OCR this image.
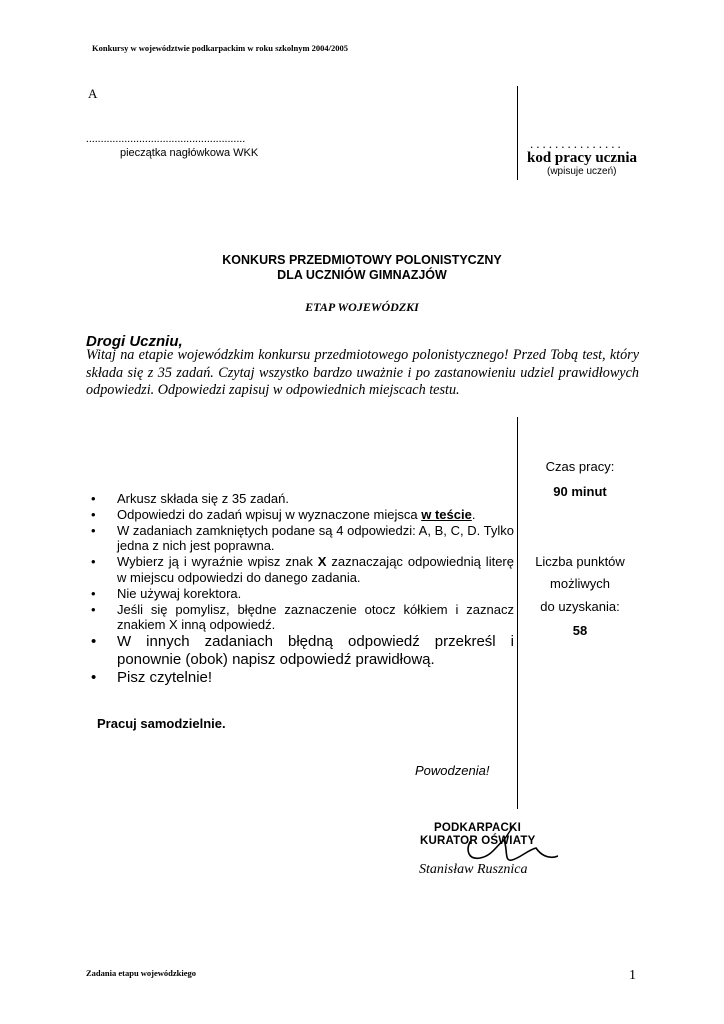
Konkursy w województwie podkarpackim w roku szkolnym 2004/2005
A
......................................................
pieczątka nagłówkowa WKK
...............
kod pracy ucznia
(wpisuje uczeń)
KONKURS PRZEDMIOTOWY POLONISTYCZNY
DLA UCZNIÓW GIMNAZJÓW
ETAP WOJEWÓDZKI
Drogi Uczniu,
Witaj na etapie wojewódzkim konkursu przedmiotowego polonistycznego! Przed Tobą test, który składa się z 35 zadań. Czytaj wszystko bardzo uważnie i po zastanowieniu udziel prawidłowych odpowiedzi. Odpowiedzi zapisuj w odpowiednich miejscach testu.
• Arkusz składa się z 35 zadań.
• Odpowiedzi do zadań wpisuj w wyznaczone miejsca w teście.
• W zadaniach zamkniętych podane są 4 odpowiedzi: A, B, C, D. Tylko jedna z nich jest poprawna.
• Wybierz ją i wyraźnie wpisz znak X zaznaczając odpowiednią literę w miejscu odpowiedzi do danego zadania.
• Nie używaj korektora.
• Jeśli się pomylisz, błędne zaznaczenie otocz kółkiem i zaznacz znakiem X inną odpowiedź.
• W innych zadaniach błędną odpowiedź przekreśl i ponownie (obok) napisz odpowiedź prawidłową.
• Pisz czytelnie!
Pracuj samodzielnie.
Powodzenia!
Czas pracy:
90 minut
Liczba punktów
możliwych
do uzyskania:
58
PODKARPACKI
KURATOR OŚWIATY
Stanisław Rusznica
Zadania etapu wojewódzkiego	1
